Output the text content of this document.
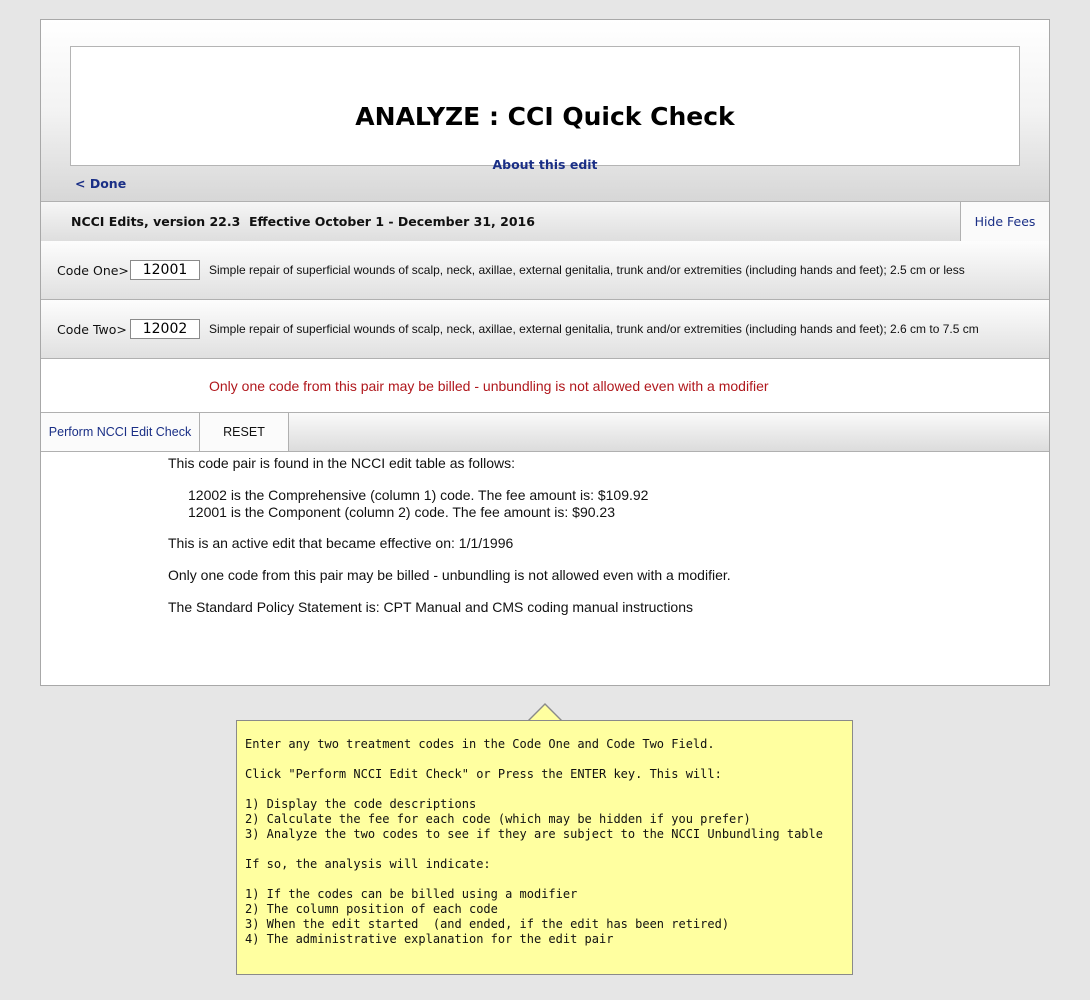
ANALYZE : CCI Quick Check
About this edit
< Done
NCCI Edits, version 22.3  Effective October 1 - December 31, 2016	Hide Fees
Code One> 12001	Simple repair of superficial wounds of scalp, neck, axillae, external genitalia, trunk and/or extremities (including hands and feet); 2.5 cm or less
Code Two>	12002	Simple repair of superficial wounds of scalp, neck, axillae, external genitalia, trunk and/or extremities (including hands and feet); 2.6 cm to 7.5 cm
Only one code from this pair may be billed - unbundling is not allowed even with a modifier
Perform NCCI Edit Check	RESET

This code pair is found in the NCCI edit table as follows:

12002 is the Comprehensive (column 1) code. The fee amount is: $109.92

12001 is the Component (column 2) code. The fee amount is: $90.23

This is an active edit that became effective on: 1/1/1996

Only one code from this pair may be billed - unbundling is not allowed even with a modifier.

The Standard Policy Statement is: CPT Manual and CMS coding manual instructions

Enter any two treatment codes in the Code One and Code Two Field.
Click "Perform NCCI Edit Check" or Press the ENTER key. This will:
1) Display the code descriptions
2) Calculate the fee for each code (which may be hidden if you prefer)
3) Analyze the two codes to see if they are subject to the NCCI Unbundling table
If so, the analysis will indicate:
1) If the codes can be billed using a modifier
2) The column position of each code
3) When the edit started  (and ended, if the edit has been retired)
4) The administrative explanation for the edit pair
